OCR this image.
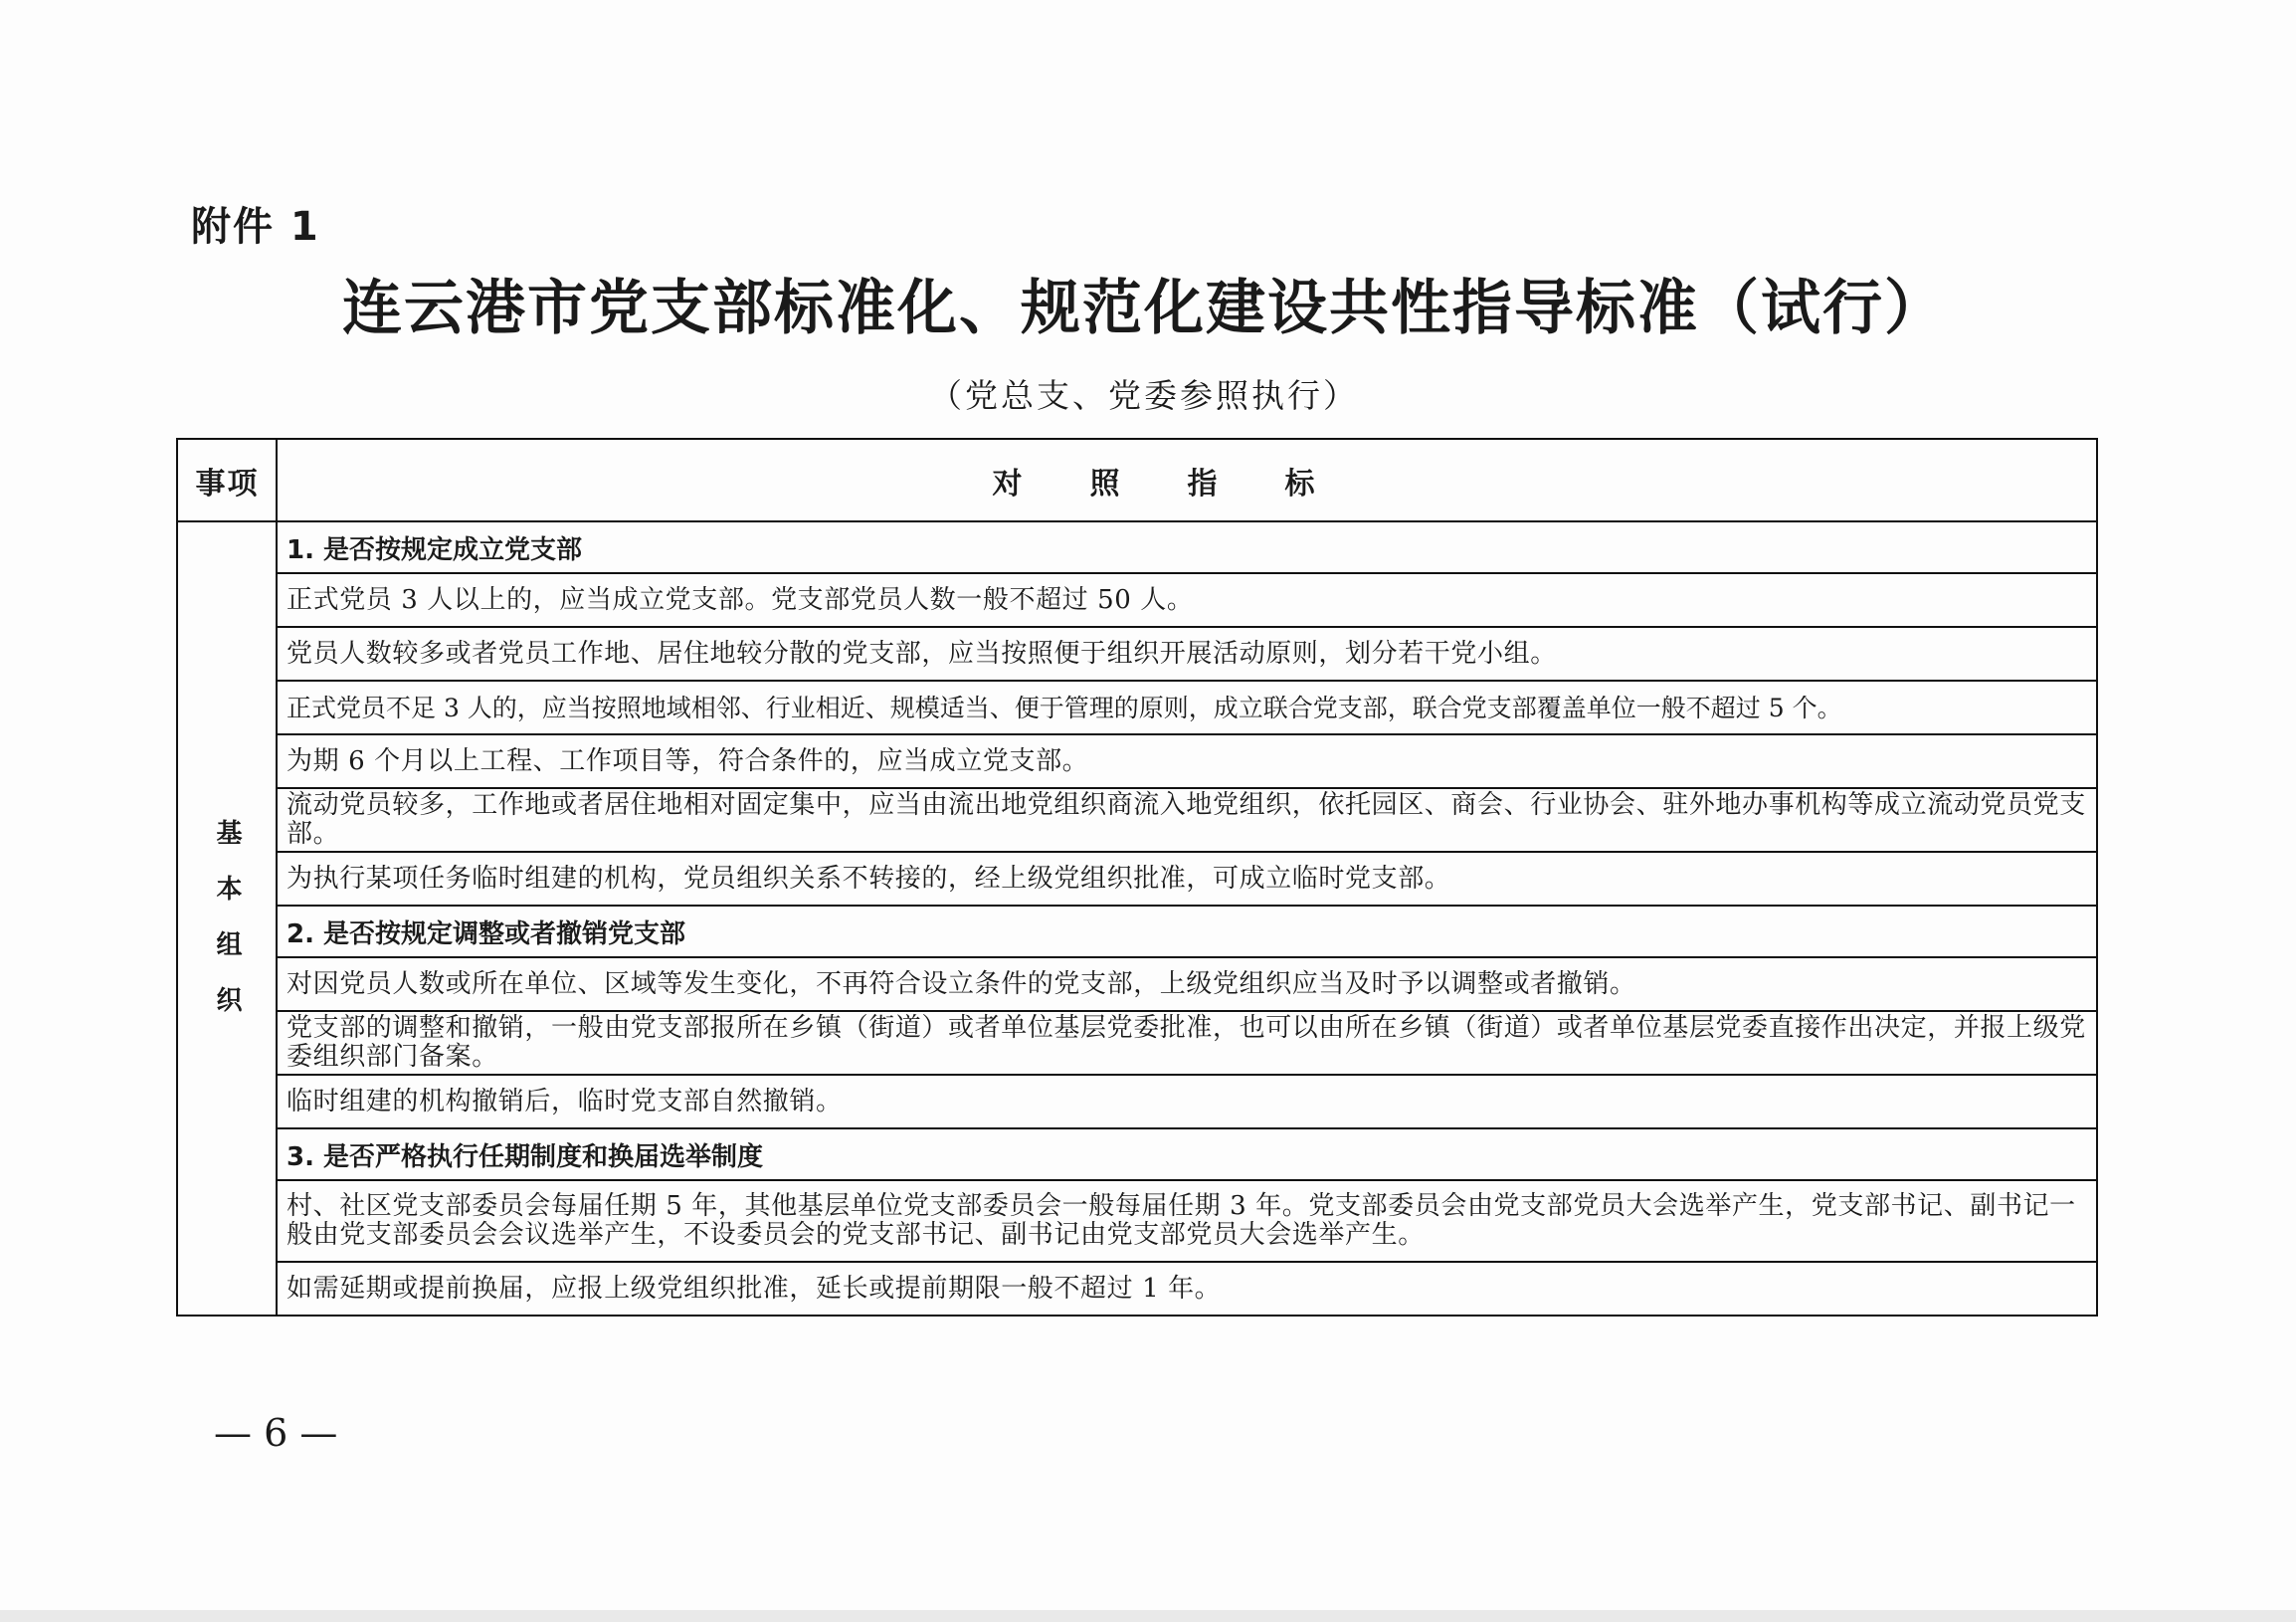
附件 1
连云港市党支部标准化、规范化建设共性指导标准（试行）
（党总支、党委参照执行）
事项	对照指标
基本组织	1. 是否按规定成立党支部
	正式党员 3 人以上的，应当成立党支部。党支部党员人数一般不超过 50 人。
	党员人数较多或者党员工作地、居住地较分散的党支部，应当按照便于组织开展活动原则，划分若干党小组。
	正式党员不足 3 人的，应当按照地域相邻、行业相近、规模适当、便于管理的原则，成立联合党支部，联合党支部覆盖单位一般不超过 5 个。
	为期 6 个月以上工程、工作项目等，符合条件的，应当成立党支部。
	流动党员较多，工作地或者居住地相对固定集中，应当由流出地党组织商流入地党组织，依托园区、商会、行业协会、驻外地办事机构等成立流动党员党支部。
	为执行某项任务临时组建的机构，党员组织关系不转接的，经上级党组织批准，可成立临时党支部。
	2. 是否按规定调整或者撤销党支部
	对因党员人数或所在单位、区域等发生变化，不再符合设立条件的党支部，上级党组织应当及时予以调整或者撤销。
	党支部的调整和撤销，一般由党支部报所在乡镇（街道）或者单位基层党委批准，也可以由所在乡镇（街道）或者单位基层党委直接作出决定，并报上级党委组织部门备案。
	临时组建的机构撤销后，临时党支部自然撤销。
	3. 是否严格执行任期制度和换届选举制度
	村、社区党支部委员会每届任期 5 年，其他基层单位党支部委员会一般每届任期 3 年。党支部委员会由党支部党员大会选举产生，党支部书记、副书记一般由党支部委员会会议选举产生，不设委员会的党支部书记、副书记由党支部党员大会选举产生。
	如需延期或提前换届，应报上级党组织批准，延长或提前期限一般不超过 1 年。
— 6 —
